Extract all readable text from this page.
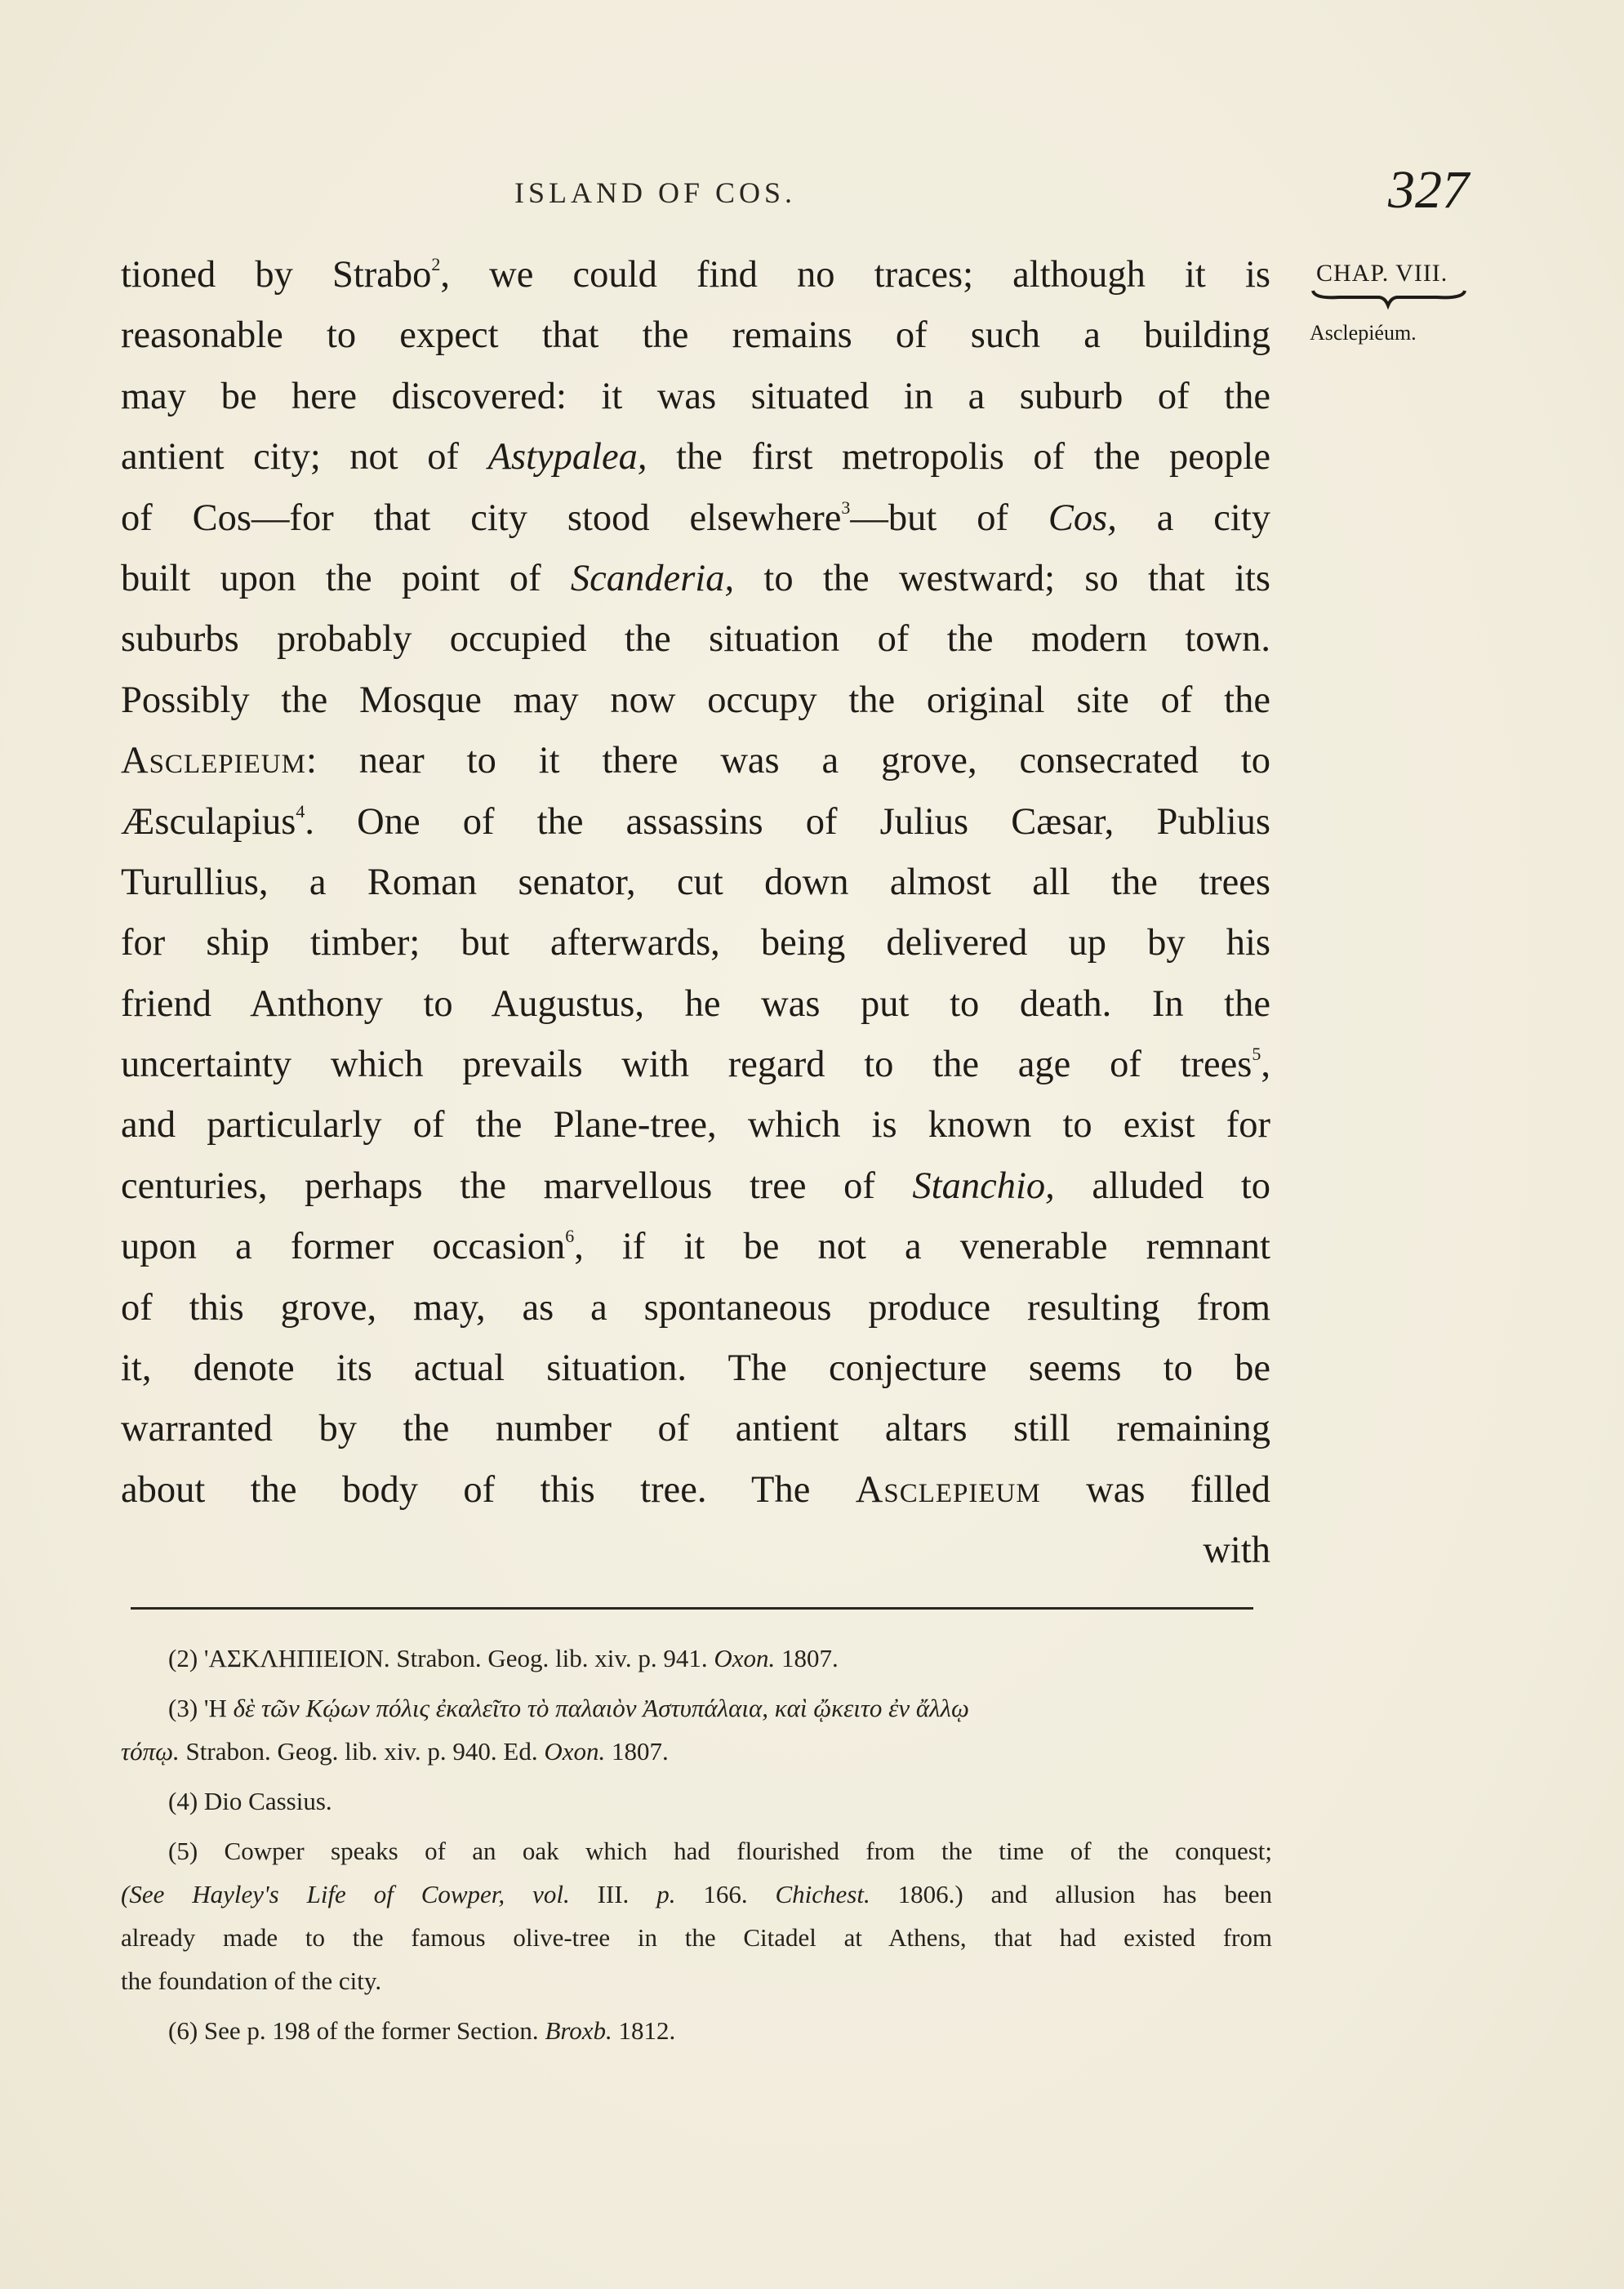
ISLAND OF COS.	327
CHAP. VIII.
Asclepiéum.
tioned by Strabo$^2$, we could find no traces; although it is
reasonable to expect that the remains of such a building
may be here discovered: it was situated in a suburb of the
antient city; not of Astypalea, the first metropolis of the people
of Cos—for that city stood elsewhere$^3$—but of Cos, a city
built upon the point of Scanderia, to the westward; so that its
suburbs probably occupied the situation of the modern town.
Possibly the Mosque may now occupy the original site of the
Asclepieum: near to it there was a grove, consecrated to
Æsculapius$^4$. One of the assassins of Julius Cæsar, Publius
Turullius, a Roman senator, cut down almost all the trees
for ship timber; but afterwards, being delivered up by his
friend Anthony to Augustus, he was put to death. In the
uncertainty which prevails with regard to the age of trees$^5$,
and particularly of the Plane-tree, which is known to exist for
centuries, perhaps the marvellous tree of Stanchio, alluded to
upon a former occasion$^6$, if it be not a venerable remnant
of this grove, may, as a spontaneous produce resulting from
it, denote its actual situation. The conjecture seems to be
warranted by the number of antient altars still remaining
about the body of this tree. The Asclepieum was filled
with
(2) 'ΑΣΚΛΗΠΙΕΙΟΝ. Strabon. Geog. lib. xiv. p. 941. Oxon. 1807.
(3) 'Η δὲ τῶν Κῴων πόλις ἐκαλεῖτο τὸ παλαιὸν Ἀστυπάλαια, καὶ ᾤκειτο ἐν ἄλλῳ
τόπῳ. Strabon. Geog. lib. xiv. p. 940. Ed. Oxon. 1807.
(4) Dio Cassius.
(5) Cowper speaks of an oak which had flourished from the time of the conquest;
(See Hayley's Life of Cowper, vol. III. p. 166. Chichest. 1806.) and allusion has been
already made to the famous olive-tree in the Citadel at Athens, that had existed from
the foundation of the city.
(6) See p. 198 of the former Section. Broxb. 1812.
